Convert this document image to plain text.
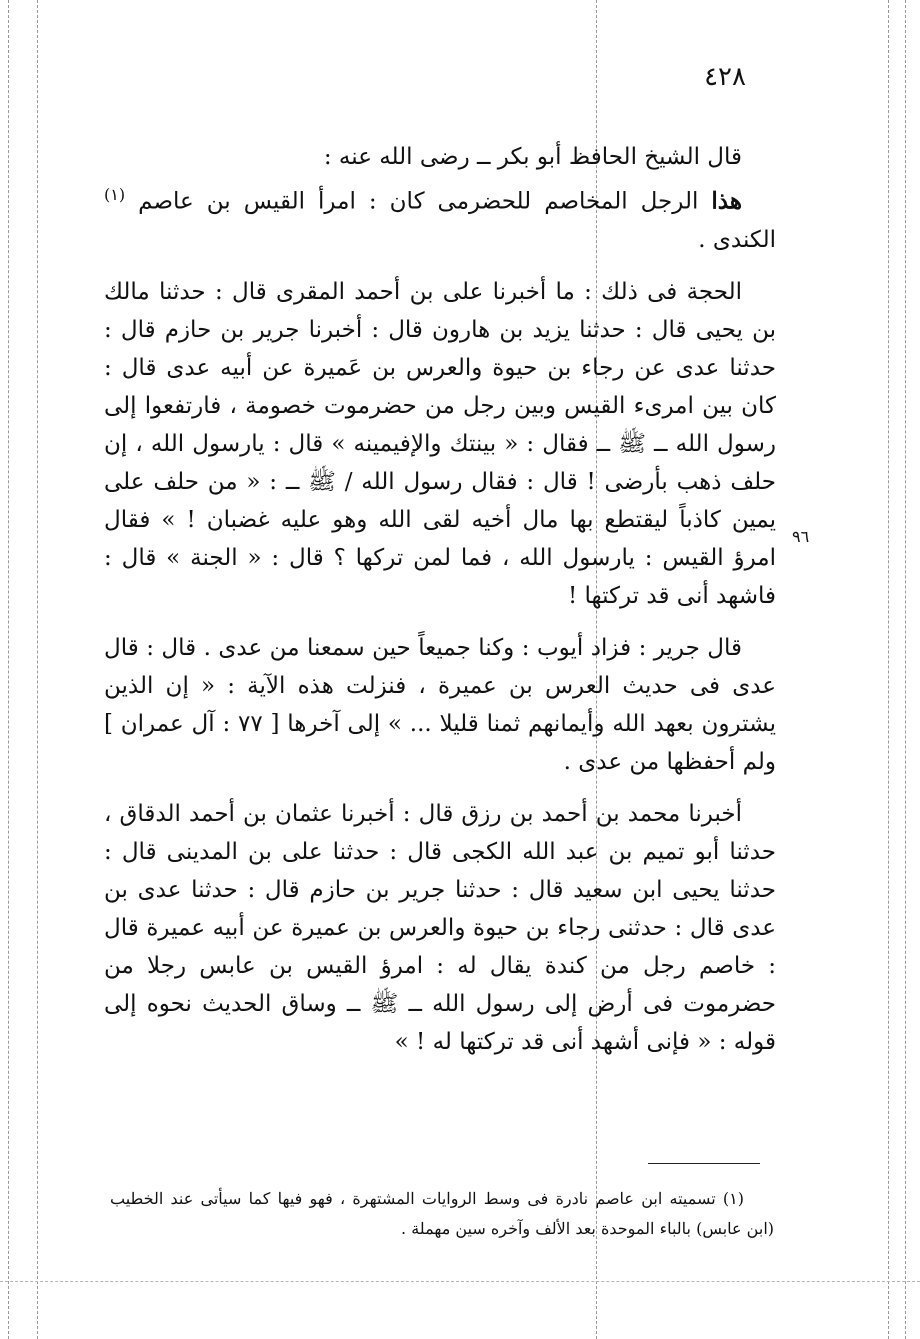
٤٢٨

قال الشيخ الحافظ أبو بكر ــ رضى الله عنه :

هذا الرجل المخاصم للحضرمى كان : امرأ القيس بن عاصم $^{(١)}$ الكندى .

الحجة فى ذلك : ما أخبرنا على بن أحمد المقرى قال : حدثنا مالك بن يحيى قال : حدثنا يزيد بن هارون قال : أخبرنا جرير بن حازم قال : حدثنا عدى عن رجاء بن حيوة والعرس بن عَميرة عن أبيه عدى قال : كان بين امرىء القيس وبين رجل من حضرموت خصومة ، فارتفعوا إلى رسول الله ــ ﷺ ــ فقال : « بينتك والإفيمينه » قال : يارسول الله ، إن حلف ذهب بأرضى ! قال : فقال رسول الله / ﷺ ــ : « من حلف على يمين كاذباً ليقتطع بها مال أخيه لقى الله وهو عليه غضبان ! » فقال امرؤ القيس : يارسول الله ، فما لمن تركها ؟ قال : « الجنة » قال : فاشهد أنى قد تركتها !

قال جرير : فزاد أيوب : وكنا جميعاً حين سمعنا من عدى . قال : قال عدى فى حديث العرس بن عميرة ، فنزلت هذه الآية : « إن الذين يشترون بعهد الله وأيمانهم ثمنا قليلا ... » إلى آخرها [ ٧٧ : آل عمران ] ولم أحفظها من عدى .

أخبرنا محمد بن أحمد بن رزق قال : أخبرنا عثمان بن أحمد الدقاق ، حدثنا أبو تميم بن عبد الله الكجى قال : حدثنا على بن المدينى قال : حدثنا يحيى ابن سعيد قال : حدثنا جرير بن حازم قال : حدثنا عدى بن عدى قال : حدثنى رجاء بن حيوة والعرس بن عميرة عن أبيه عميرة قال : خاصم رجل من كندة يقال له : امرؤ القيس بن عابس رجلا من حضرموت فى أرض إلى رسول الله ــ ﷺ ــ وساق الحديث نحوه إلى قوله : « فإنى أشهد أنى قد تركتها له ! »

٩٦

(١) تسميته ابن عاصم نادرة فى وسط الروايات المشتهرة ، فهو فيها كما سيأتى عند الخطيب (ابن عابس) بالباء الموحدة بعد الألف وآخره سين مهملة .
